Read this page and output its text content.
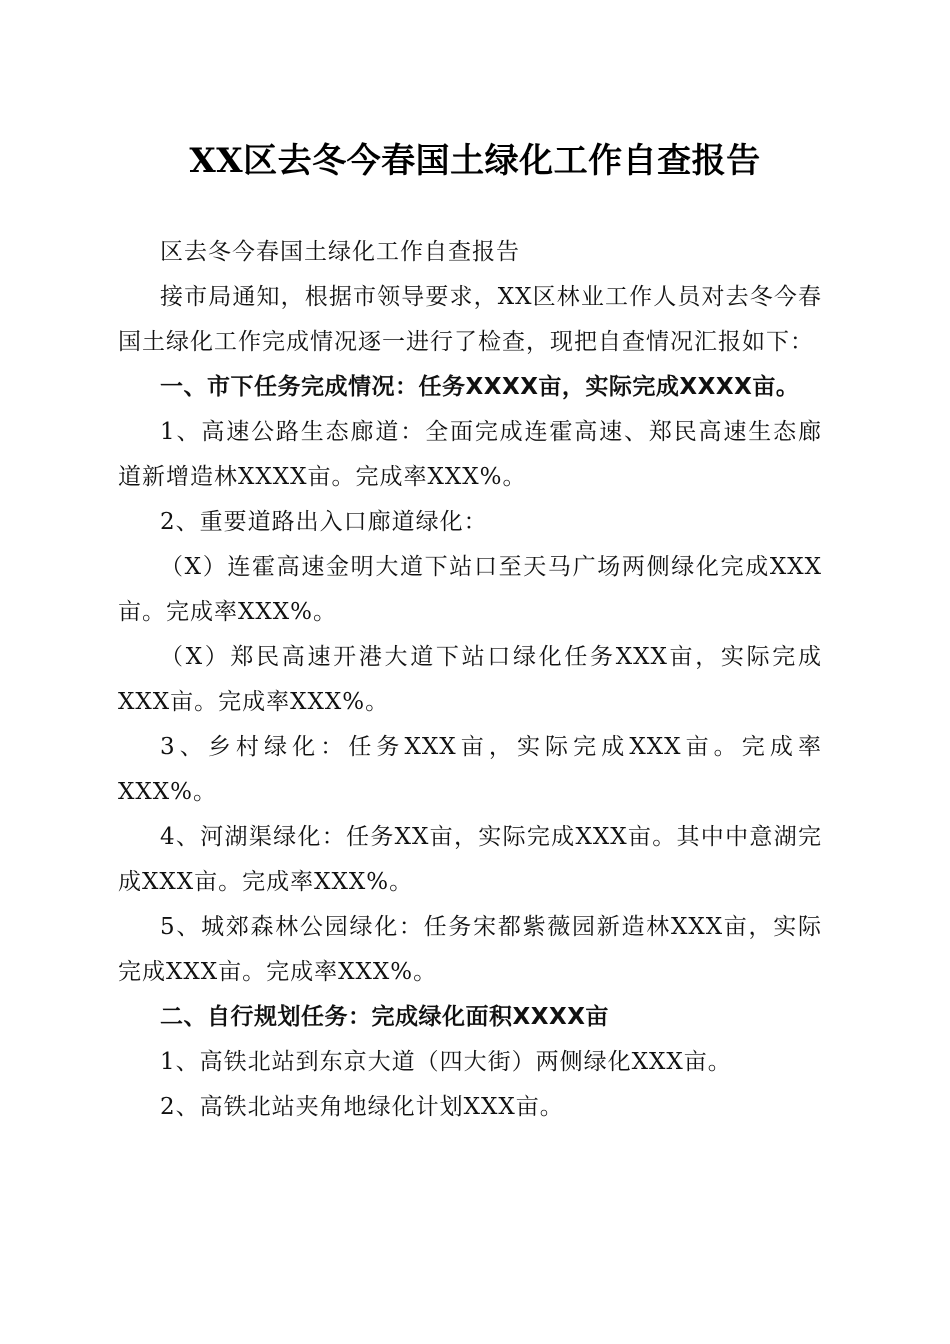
XX区去冬今春国土绿化工作自查报告

区去冬今春国土绿化工作自查报告

接市局通知，根据市领导要求，XX区林业工作人员对去冬今春国土绿化工作完成情况逐一进行了检查，现把自查情况汇报如下：

一、市下任务完成情况：任务XXXX亩，实际完成XXXX亩。

1、高速公路生态廊道：全面完成连霍高速、郑民高速生态廊道新增造林XXXX亩。完成率XXX%。

2、重要道路出入口廊道绿化：

（X）连霍高速金明大道下站口至天马广场两侧绿化完成XXX亩。完成率XXX%。

（X）郑民高速开港大道下站口绿化任务XXX亩，实际完成XXX亩。完成率XXX%。

3、乡村绿化：任务XXX亩，实际完成XXX亩。完成率XXX%。

4、河湖渠绿化：任务XX亩，实际完成XXX亩。其中中意湖完成XXX亩。完成率XXX%。

5、城郊森林公园绿化：任务宋都紫薇园新造林XXX亩，实际完成XXX亩。完成率XXX%。

二、自行规划任务：完成绿化面积XXXX亩

1、高铁北站到东京大道（四大街）两侧绿化XXX亩。

2、高铁北站夹角地绿化计划XXX亩。
